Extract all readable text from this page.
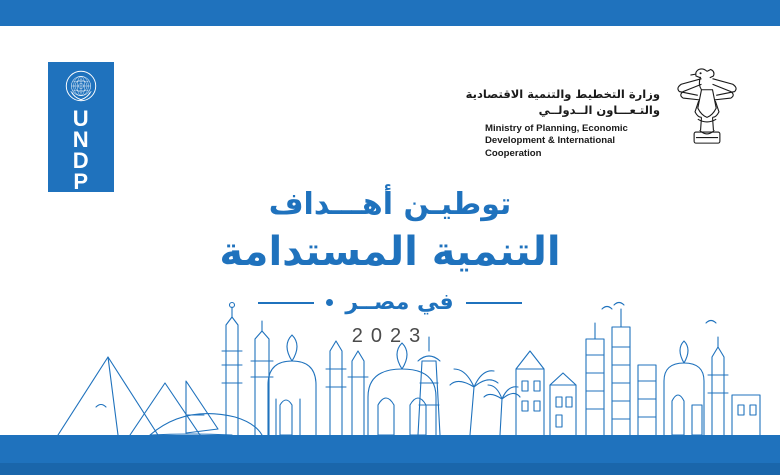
U
N
D
P
وزارة التخطيط والتنمية الاقتصادية
والتـعـــاون الــدولــي
Ministry of Planning, Economic
Development & International
Cooperation
توطيـن أهـــداف
التنمية المستدامة
في مصــر
2023
